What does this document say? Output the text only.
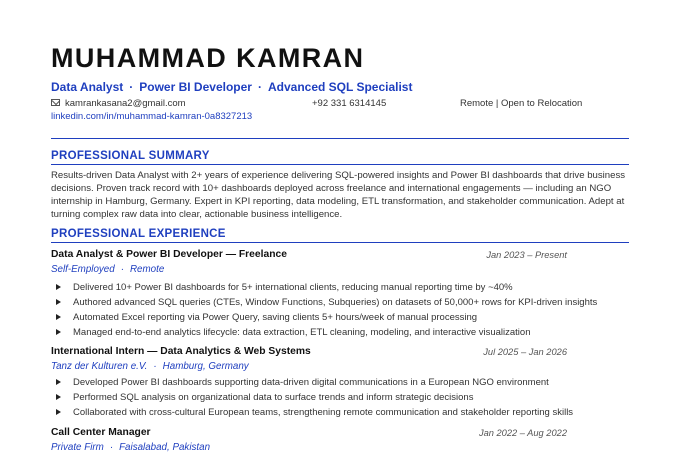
MUHAMMAD KAMRAN
Data Analyst · Power BI Developer · Advanced SQL Specialist
kamrankasana2@gmail.com	+92 331 6314145	Remote | Open to Relocation
linkedin.com/in/muhammad-kamran-0a8327213
PROFESSIONAL SUMMARY
Results-driven Data Analyst with 2+ years of experience delivering SQL-powered insights and Power BI dashboards that drive business decisions. Proven track record with 10+ dashboards deployed across freelance and international engagements — including an NGO internship in Hamburg, Germany. Expert in KPI reporting, data modeling, ETL transformation, and stakeholder communication. Adept at turning complex raw data into clear, actionable business intelligence.
PROFESSIONAL EXPERIENCE
Data Analyst & Power BI Developer — Freelance	Jan 2023 – Present
Self-Employed · Remote
Delivered 10+ Power BI dashboards for 5+ international clients, reducing manual reporting time by ~40%
Authored advanced SQL queries (CTEs, Window Functions, Subqueries) on datasets of 50,000+ rows for KPI-driven insights
Automated Excel reporting via Power Query, saving clients 5+ hours/week of manual processing
Managed end-to-end analytics lifecycle: data extraction, ETL cleaning, modeling, and interactive visualization
International Intern — Data Analytics & Web Systems	Jul 2025 – Jan 2026
Tanz der Kulturen e.V. · Hamburg, Germany
Developed Power BI dashboards supporting data-driven digital communications in a European NGO environment
Performed SQL analysis on organizational data to surface trends and inform strategic decisions
Collaborated with cross-cultural European teams, strengthening remote communication and stakeholder reporting skills
Call Center Manager	Jan 2022 – Aug 2022
Private Firm · Faisalabad, Pakistan
